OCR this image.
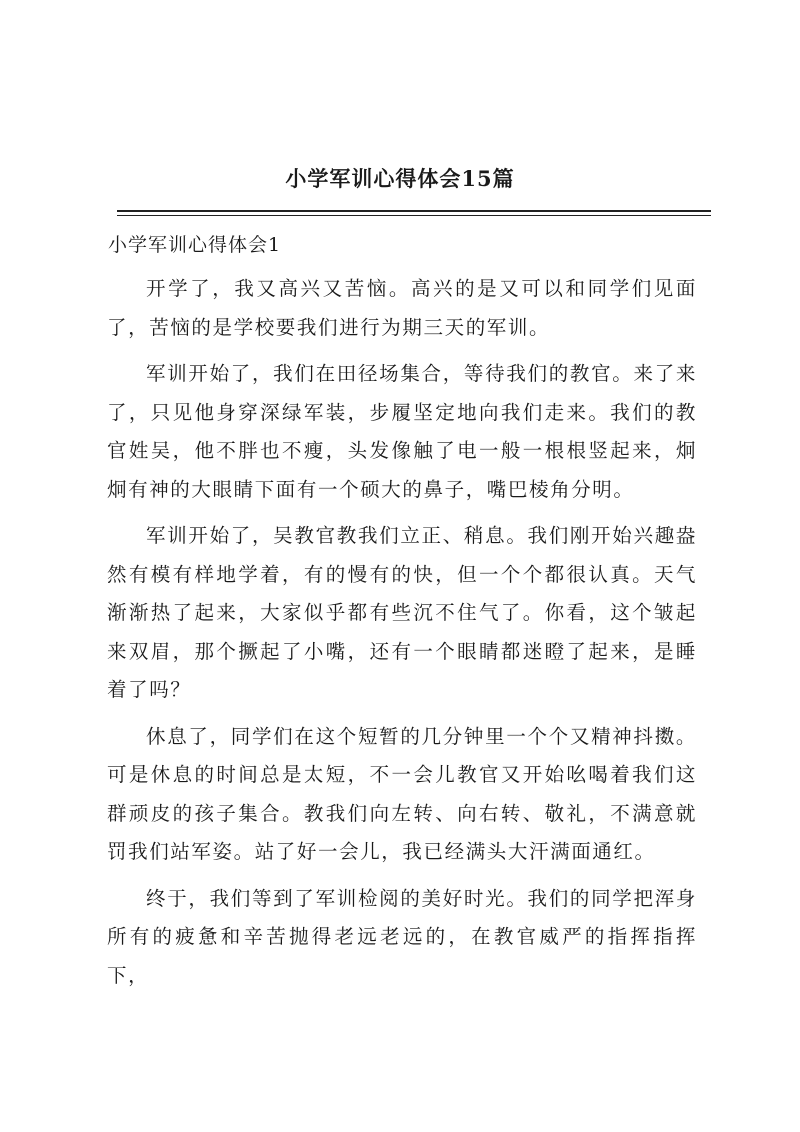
小学军训心得体会15篇
小学军训心得体会1

开学了，我又高兴又苦恼。高兴的是又可以和同学们见面了，苦恼的是学校要我们进行为期三天的军训。

军训开始了，我们在田径场集合，等待我们的教官。来了来了，只见他身穿深绿军装，步履坚定地向我们走来。我们的教官姓吴，他不胖也不瘦，头发像触了电一般一根根竖起来，炯炯有神的大眼睛下面有一个硕大的鼻子，嘴巴棱角分明。

军训开始了，吴教官教我们立正、稍息。我们刚开始兴趣盎然有模有样地学着，有的慢有的快，但一个个都很认真。天气渐渐热了起来，大家似乎都有些沉不住气了。你看，这个皱起来双眉，那个撅起了小嘴，还有一个眼睛都迷瞪了起来，是睡着了吗？

休息了，同学们在这个短暂的几分钟里一个个又精神抖擞。可是休息的时间总是太短，不一会儿教官又开始吆喝着我们这群顽皮的孩子集合。教我们向左转、向右转、敬礼，不满意就罚我们站军姿。站了好一会儿，我已经满头大汗满面通红。

终于，我们等到了军训检阅的美好时光。我们的同学把浑身所有的疲惫和辛苦抛得老远老远的，在教官威严的指挥指挥下，
